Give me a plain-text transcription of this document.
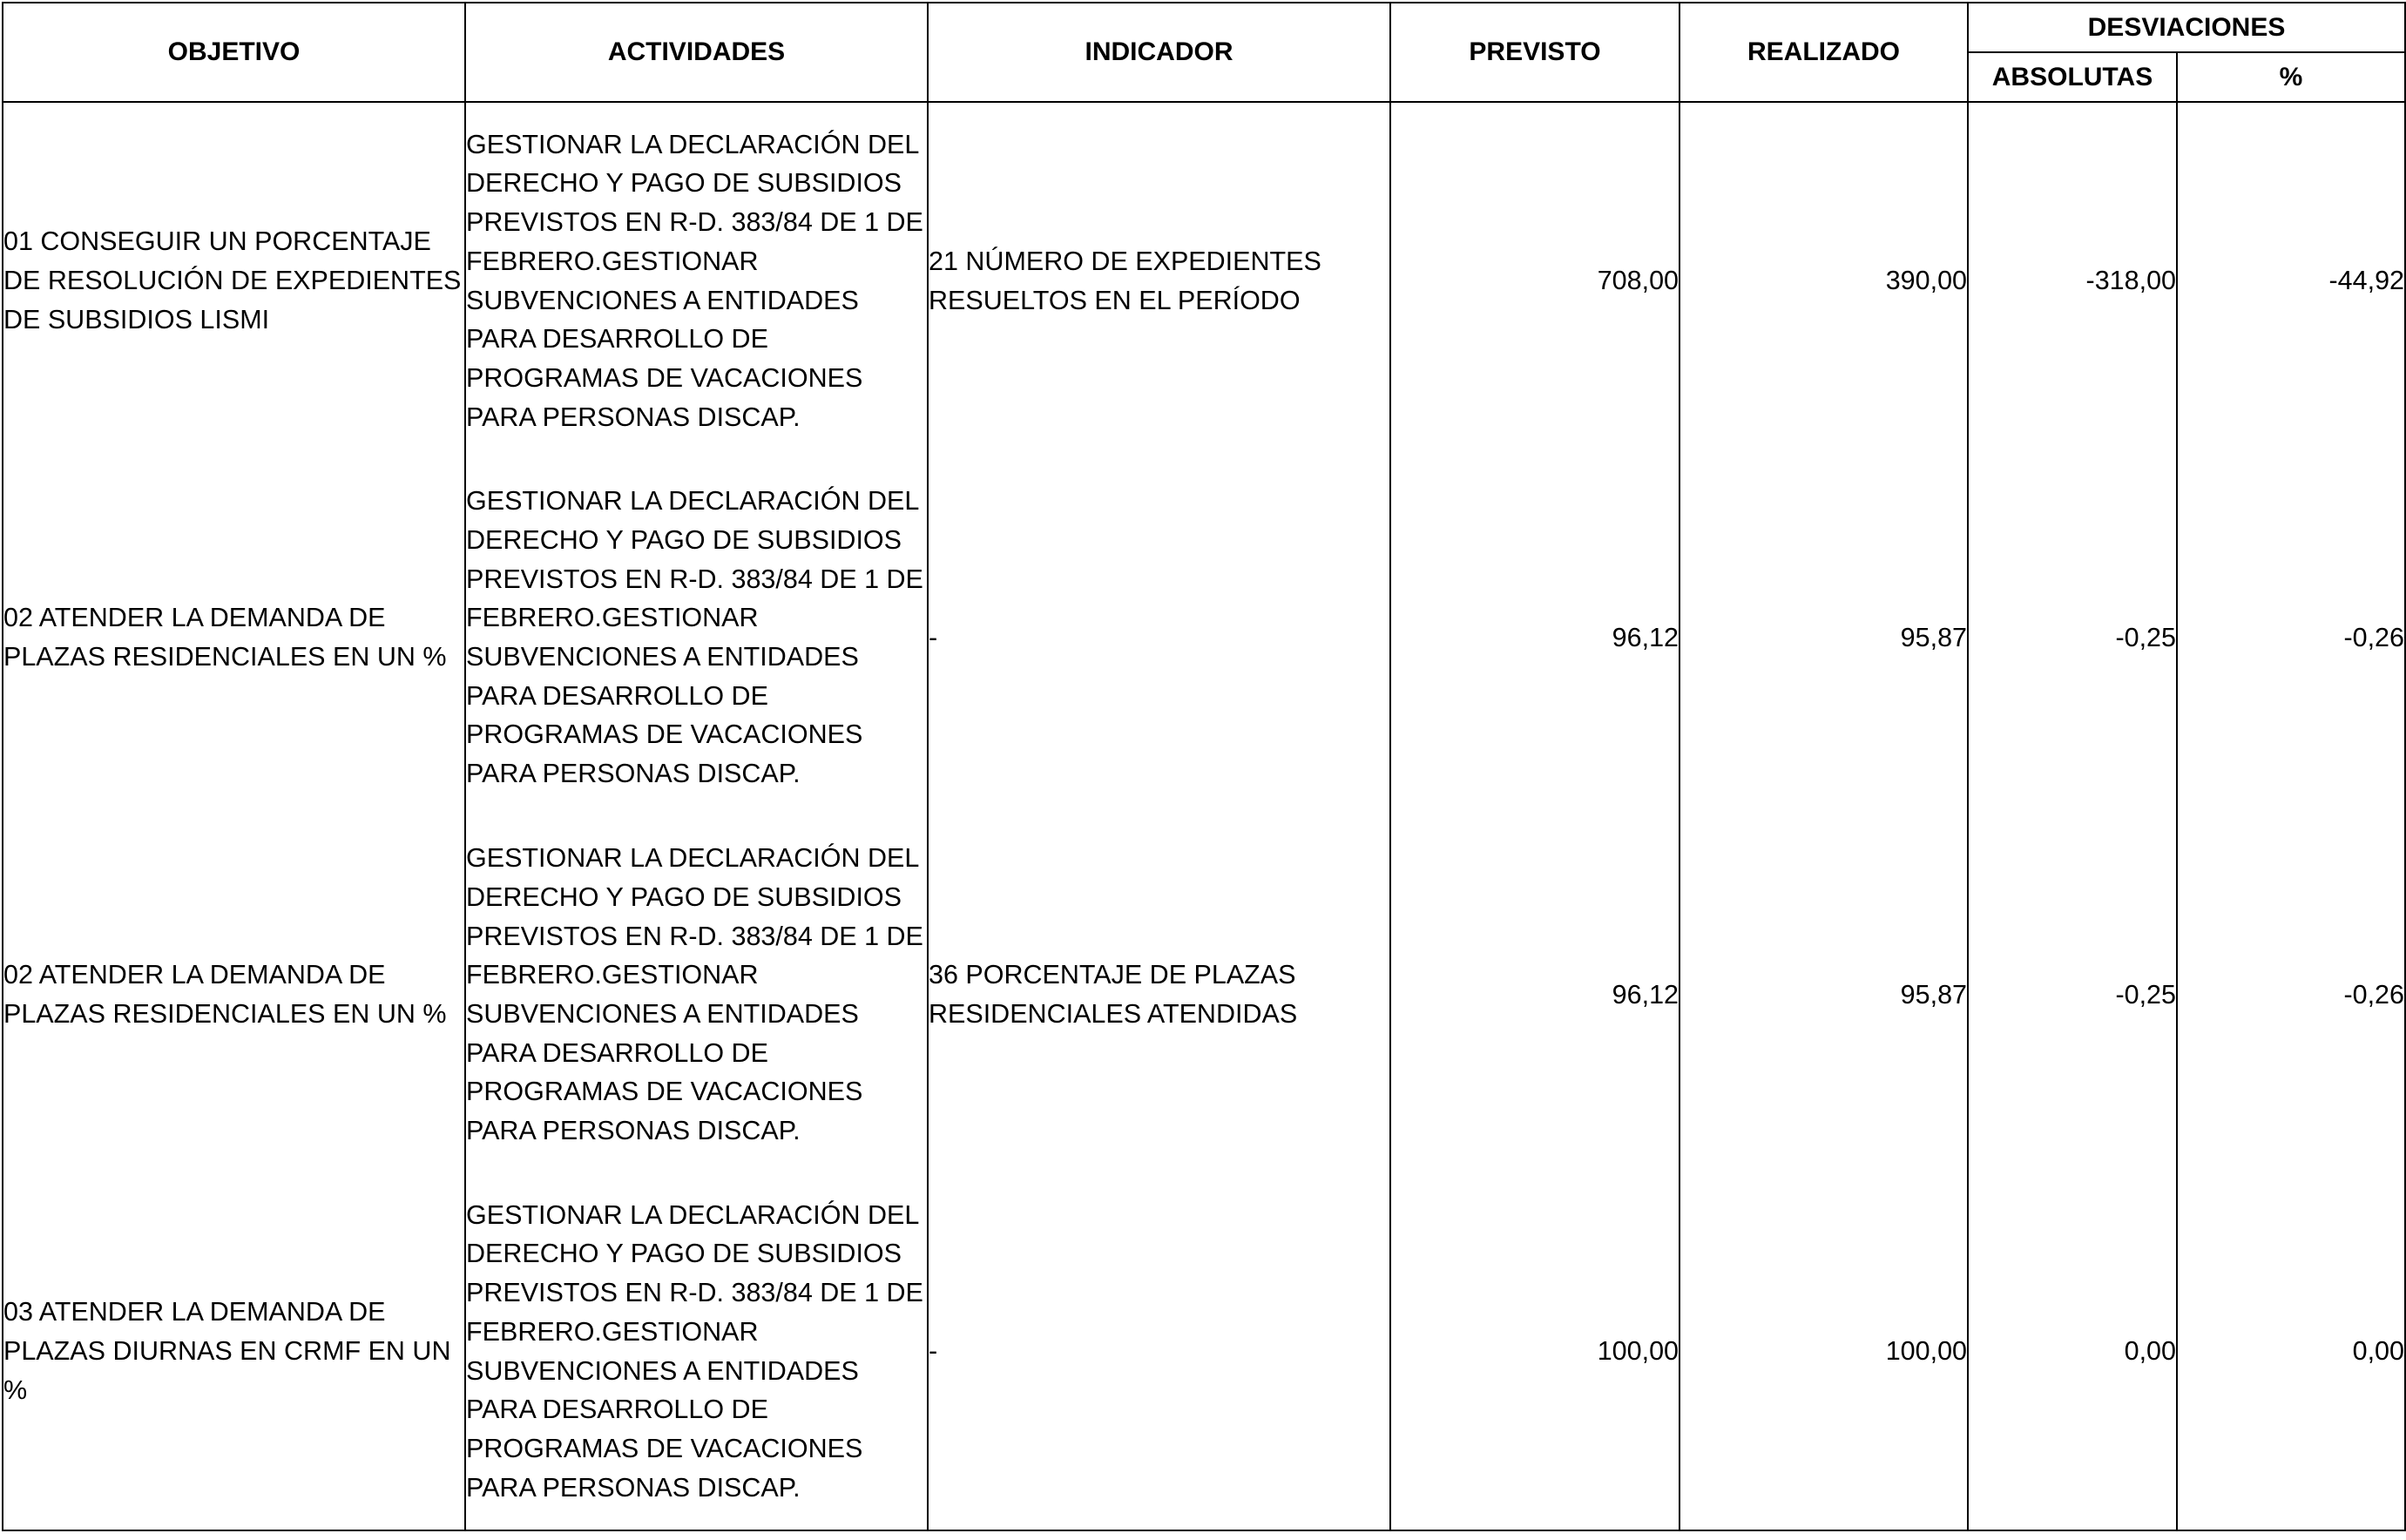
OBJETIVO	ACTIVIDADES	INDICADOR	PREVISTO	REALIZADO	DESVIACIONES	
					ABSOLUTAS	%
01 CONSEGUIR UN PORCENTAJE DE RESOLUCIÓN DE EXPEDIENTES DE SUBSIDIOS LISMI	GESTIONAR LA DECLARACIÓN DEL DERECHO Y PAGO DE SUBSIDIOS PREVISTOS EN R-D. 383/84 DE 1 DE FEBRERO.GESTIONAR SUBVENCIONES A ENTIDADES PARA DESARROLLO DE PROGRAMAS DE VACACIONES PARA PERSONAS DISCAP.	21 NÚMERO DE EXPEDIENTES RESUELTOS EN EL PERÍODO	708,00	390,00	-318,00	-44,92
02 ATENDER LA DEMANDA DE PLAZAS RESIDENCIALES EN UN %	GESTIONAR LA DECLARACIÓN DEL DERECHO Y PAGO DE SUBSIDIOS PREVISTOS EN R-D. 383/84 DE 1 DE FEBRERO.GESTIONAR SUBVENCIONES A ENTIDADES PARA DESARROLLO DE PROGRAMAS DE VACACIONES PARA PERSONAS DISCAP.	-	96,12	95,87	-0,25	-0,26
02 ATENDER LA DEMANDA DE PLAZAS RESIDENCIALES EN UN %	GESTIONAR LA DECLARACIÓN DEL DERECHO Y PAGO DE SUBSIDIOS PREVISTOS EN R-D. 383/84 DE 1 DE FEBRERO.GESTIONAR SUBVENCIONES A ENTIDADES PARA DESARROLLO DE PROGRAMAS DE VACACIONES PARA PERSONAS DISCAP.	36 PORCENTAJE DE PLAZAS RESIDENCIALES ATENDIDAS	96,12	95,87	-0,25	-0,26
03 ATENDER LA DEMANDA DE PLAZAS DIURNAS EN CRMF EN UN %	GESTIONAR LA DECLARACIÓN DEL DERECHO Y PAGO DE SUBSIDIOS PREVISTOS EN R-D. 383/84 DE 1 DE FEBRERO.GESTIONAR SUBVENCIONES A ENTIDADES PARA DESARROLLO DE PROGRAMAS DE VACACIONES PARA PERSONAS DISCAP.	-	100,00	100,00	0,00	0,00
